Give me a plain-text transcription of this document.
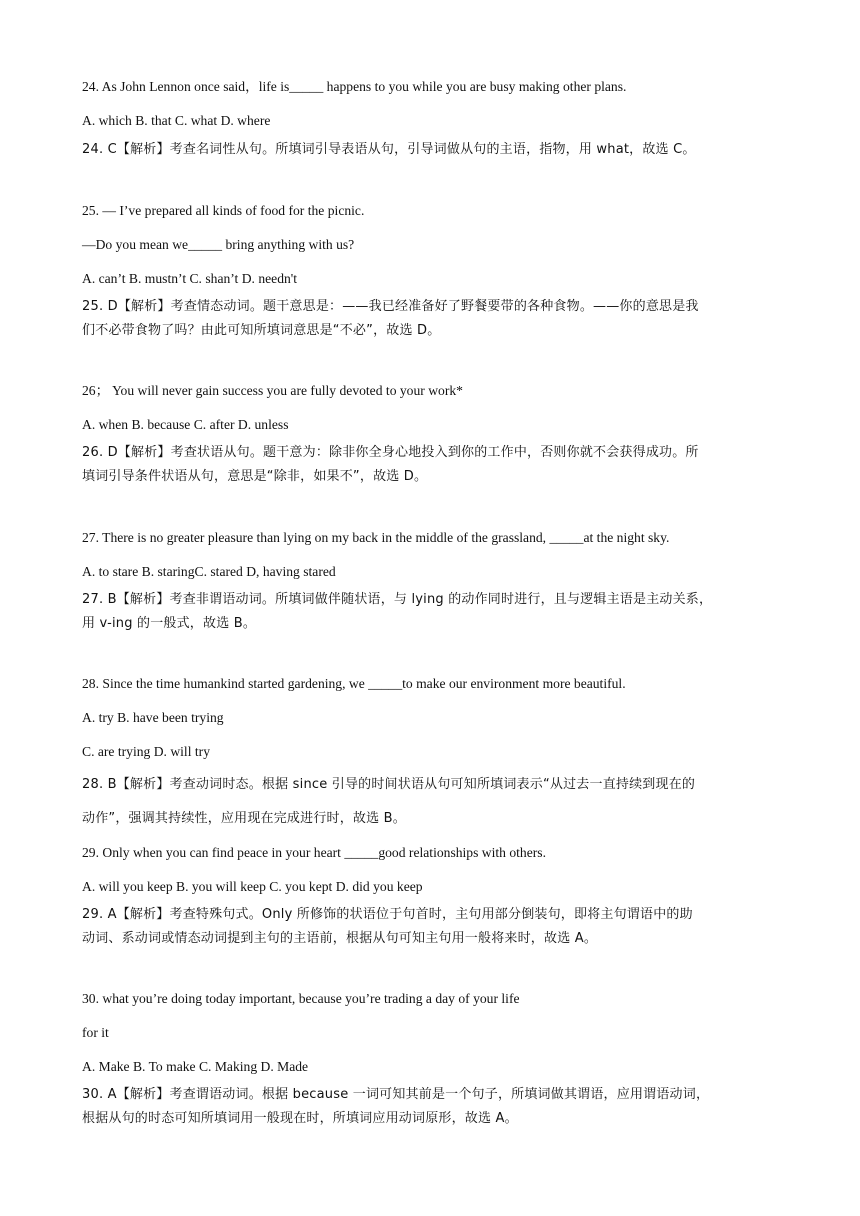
24. As John Lennon once said，life is_____ happens to you while you are busy making other plans.
A. which B. that C. what D. where
24. C【解析】考查名词性从句。所填词引导表语从句，引导词做从句的主语，指物，用 what，故选 C。
25. — I’ve prepared all kinds of food for the picnic.
—Do you mean we_____ bring anything with us?
A. can’t B. mustn’t C. shan’t D. needn't
25. D【解析】考查情态动词。题干意思是：——我已经准备好了野餐要带的各种食物。——你的意思是我
们不必带食物了吗？由此可知所填词意思是“不必”，故选 D。
26； You will never gain success you are fully devoted to your work*
A. when B. because C. after D. unless
26. D【解析】考查状语从句。题干意为：除非你全身心地投入到你的工作中，否则你就不会获得成功。所
填词引导条件状语从句，意思是“除非，如果不”，故选 D。
27. There is no greater pleasure than lying on my back in the middle of the grassland, _____at the night sky.
A. to stare B. staringC. stared D, having stared
27. B【解析】考查非谓语动词。所填词做伴随状语，与 lying 的动作同时进行，且与逻辑主语是主动关系，
用 v-ing 的一般式，故选 B。
28. Since the time humankind started gardening, we _____to make our environment more beautiful.
A. try B. have been trying
C. are trying D. will try
28. B【解析】考查动词时态。根据 since 引导的时间状语从句可知所填词表示“从过去一直持续到现在的
动作”，强调其持续性，应用现在完成进行时，故选 B。
29. Only when you can find peace in your heart _____good relationships with others.
A. will you keep B. you will keep C. you kept D. did you keep
29. A【解析】考查特殊句式。Only 所修饰的状语位于句首时，主句用部分倒装句，即将主句谓语中的助
动词、系动词或情态动词提到主句的主语前，根据从句可知主句用一般将来时，故选 A。
30. what you’re doing today important, because you’re trading a day of your life
for it
A. Make B. To make C. Making D. Made
30. A【解析】考查谓语动词。根据 because 一词可知其前是一个句子，所填词做其谓语，应用谓语动词，
根据从句的时态可知所填词用一般现在时，所填词应用动词原形，故选 A。
